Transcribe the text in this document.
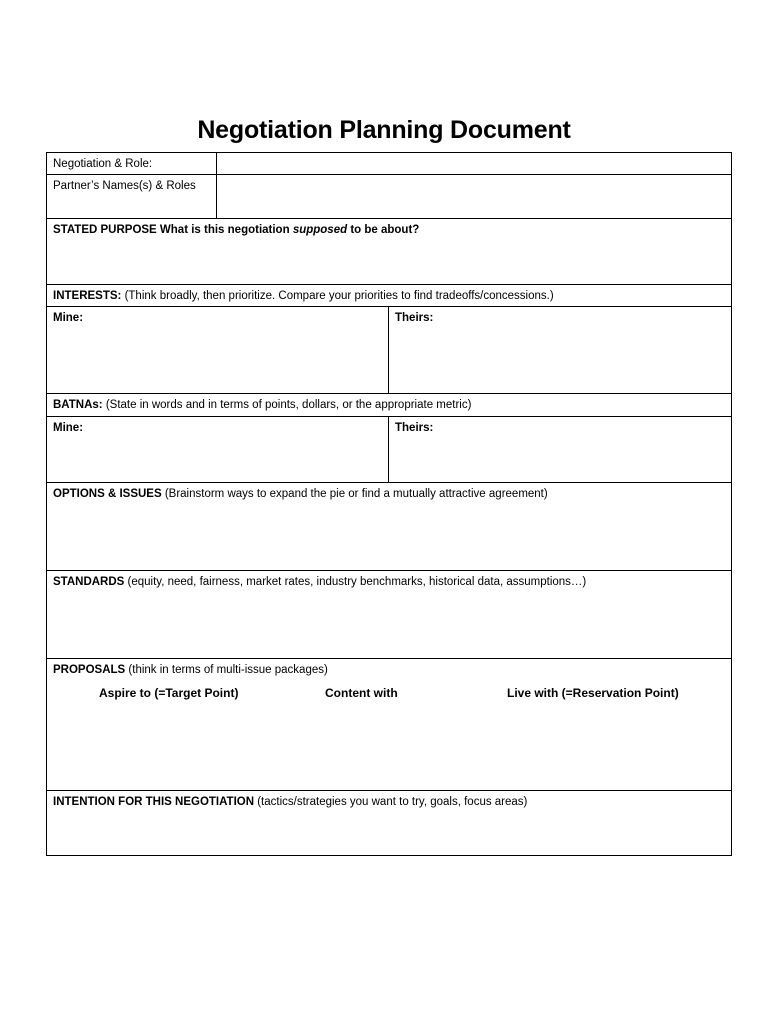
Negotiation Planning Document
Negotiation & Role:
Partner’s Names(s) & Roles
STATED PURPOSE What is this negotiation supposed to be about?
INTERESTS: (Think broadly, then prioritize. Compare your priorities to find tradeoffs/concessions.)
Mine:	Theirs:
BATNAs: (State in words and in terms of points, dollars, or the appropriate metric)
Mine:	Theirs:
OPTIONS & ISSUES (Brainstorm ways to expand the pie or find a mutually attractive agreement)
STANDARDS (equity, need, fairness, market rates, industry benchmarks, historical data, assumptions…)
PROPOSALS (think in terms of multi-issue packages)
Aspire to (=Target Point)	Content with	Live with (=Reservation Point)
INTENTION FOR THIS NEGOTIATION (tactics/strategies you want to try, goals, focus areas)
